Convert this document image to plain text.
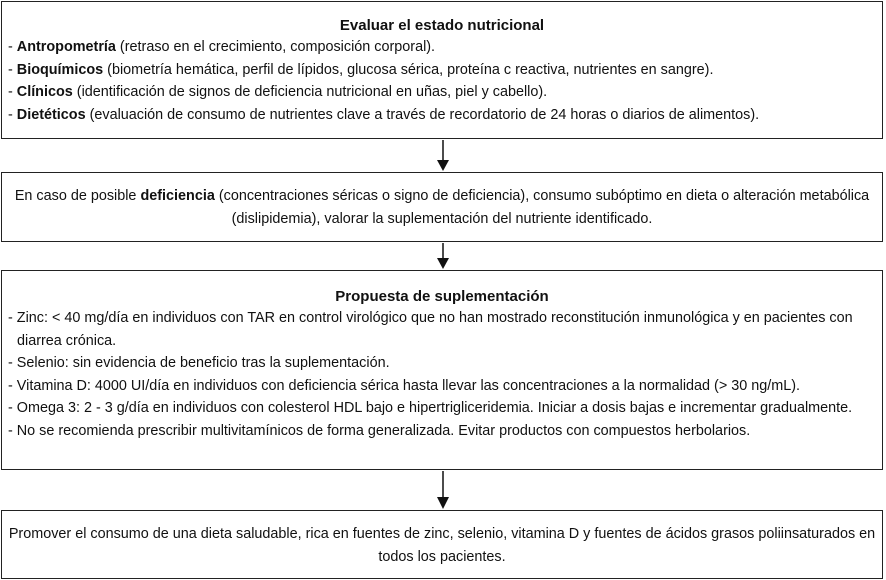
Evaluar el estado nutricional

- Antropometría (retraso en el crecimiento, composición corporal).

- Bioquímicos (biometría hemática, perfil de lípidos, glucosa sérica, proteína c reactiva, nutrientes en sangre).

- Clínicos (identificación de signos de deficiencia nutricional en uñas, piel y cabello).

- Dietéticos (evaluación de consumo de nutrientes clave a través de recordatorio de 24 horas o diarios de alimentos).

En caso de posible deficiencia (concentraciones séricas o signo de deficiencia), consumo subóptimo en dieta o alteración metabólica (dislipidemia), valorar la suplementación del nutriente identificado.

Propuesta de suplementación

- Zinc: < 40 mg/día en individuos con TAR en control virológico que no han mostrado reconstitución inmunológica y en pacientes con diarrea crónica.

- Selenio: sin evidencia de beneficio tras la suplementación.

- Vitamina D: 4000 UI/día en individuos con deficiencia sérica hasta llevar las concentraciones a la normalidad (> 30 ng/mL).

- Omega 3: 2 - 3 g/día en individuos con colesterol HDL bajo e hipertrigliceridemia. Iniciar a dosis bajas e incrementar gradualmente.

- No se recomienda prescribir multivitamínicos de forma generalizada. Evitar productos con compuestos herbolarios.

Promover el consumo de una dieta saludable, rica en fuentes de zinc, selenio, vitamina D y fuentes de ácidos grasos poliinsaturados en todos los pacientes.
